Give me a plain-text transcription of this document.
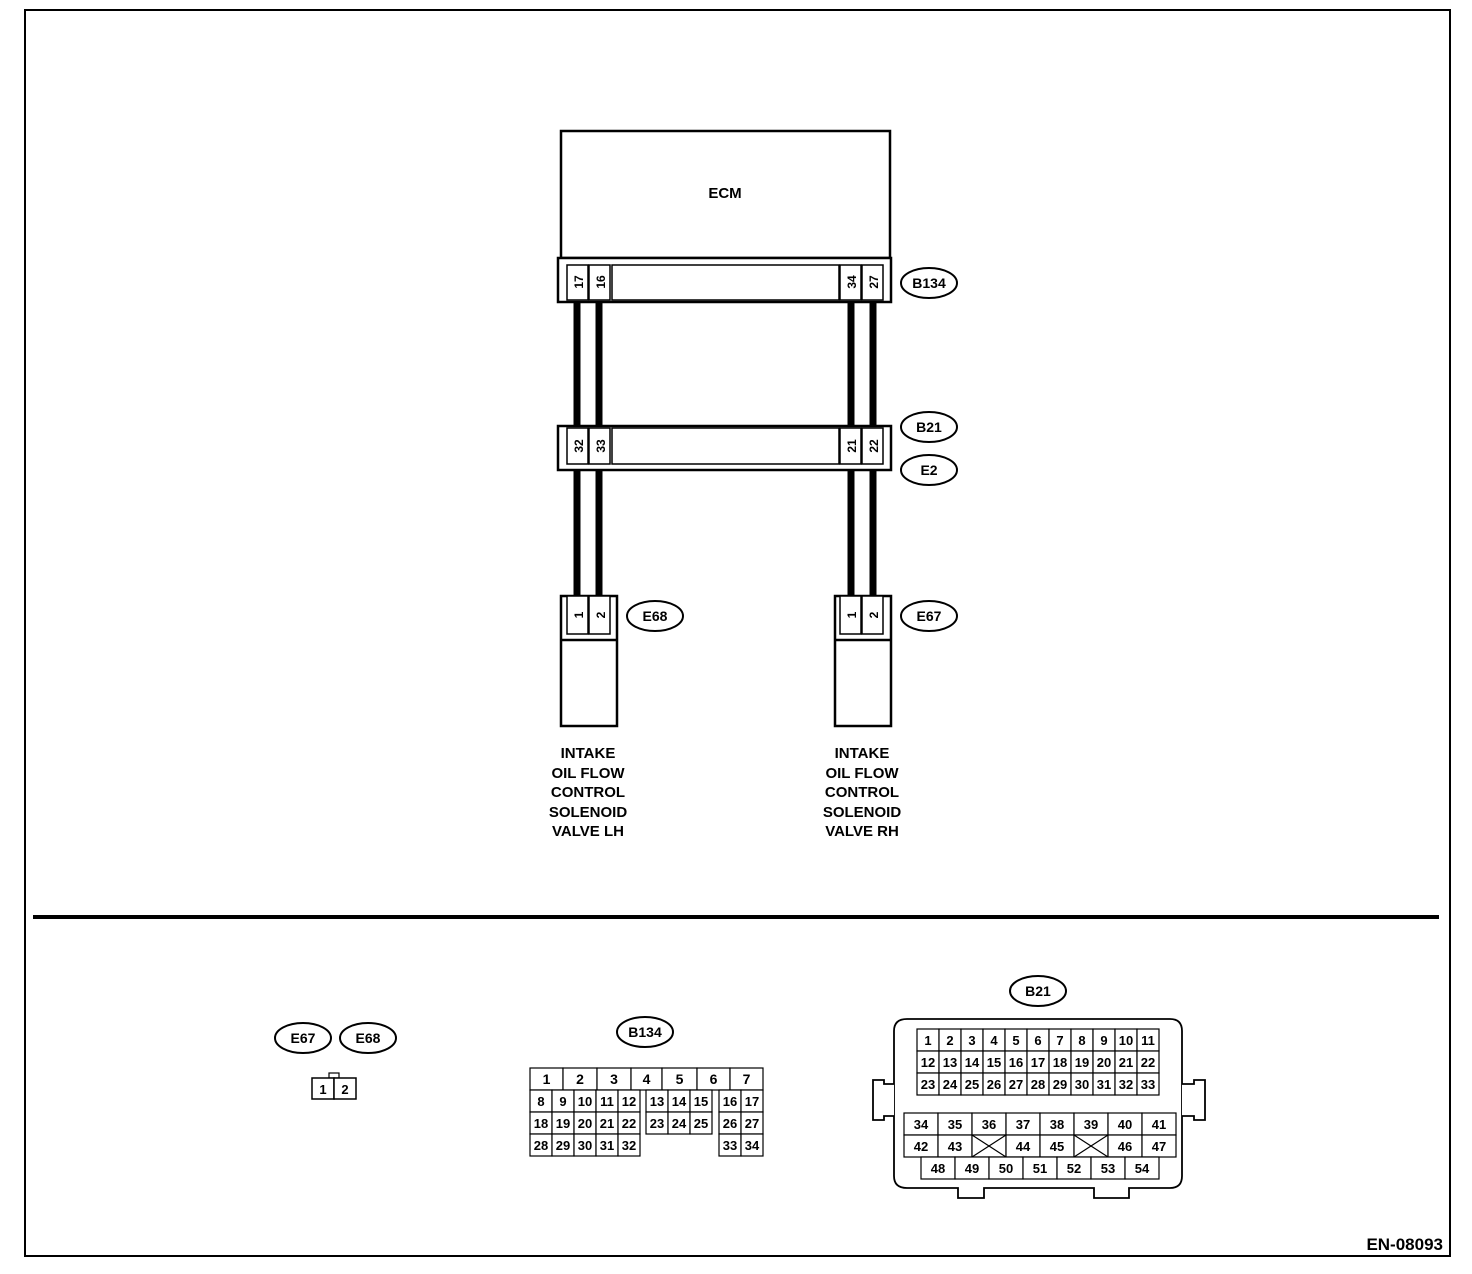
ECM
17 16	34 27 B134
32 33	21 22
B21
E2
1 2 E68	1 2	E67
INTAKE
OIL FLOW
CONTROL
SOLENOID
VALVE LH
INTAKE
OIL FLOW
CONTROL
SOLENOID
VALVE RH
E67	E68
1 2
B134
1 2 3 4 5 6 7
8 9 10 11 12 13 14 15 16 17
18 19 20 21 22 23 24 25 26 27
28 29 30 31 32	33 34
B21
1 2 3 4 5 6 7 8 9 10 11
12 13 14 15 16 17 18 19 20 21 22
23 24 25 26 27 28 29 30 31 32 33
34 35 36 37 38 39 40 41
42 43	44 45	46 47
48 49 50 51 52 53 54
EN-08093
